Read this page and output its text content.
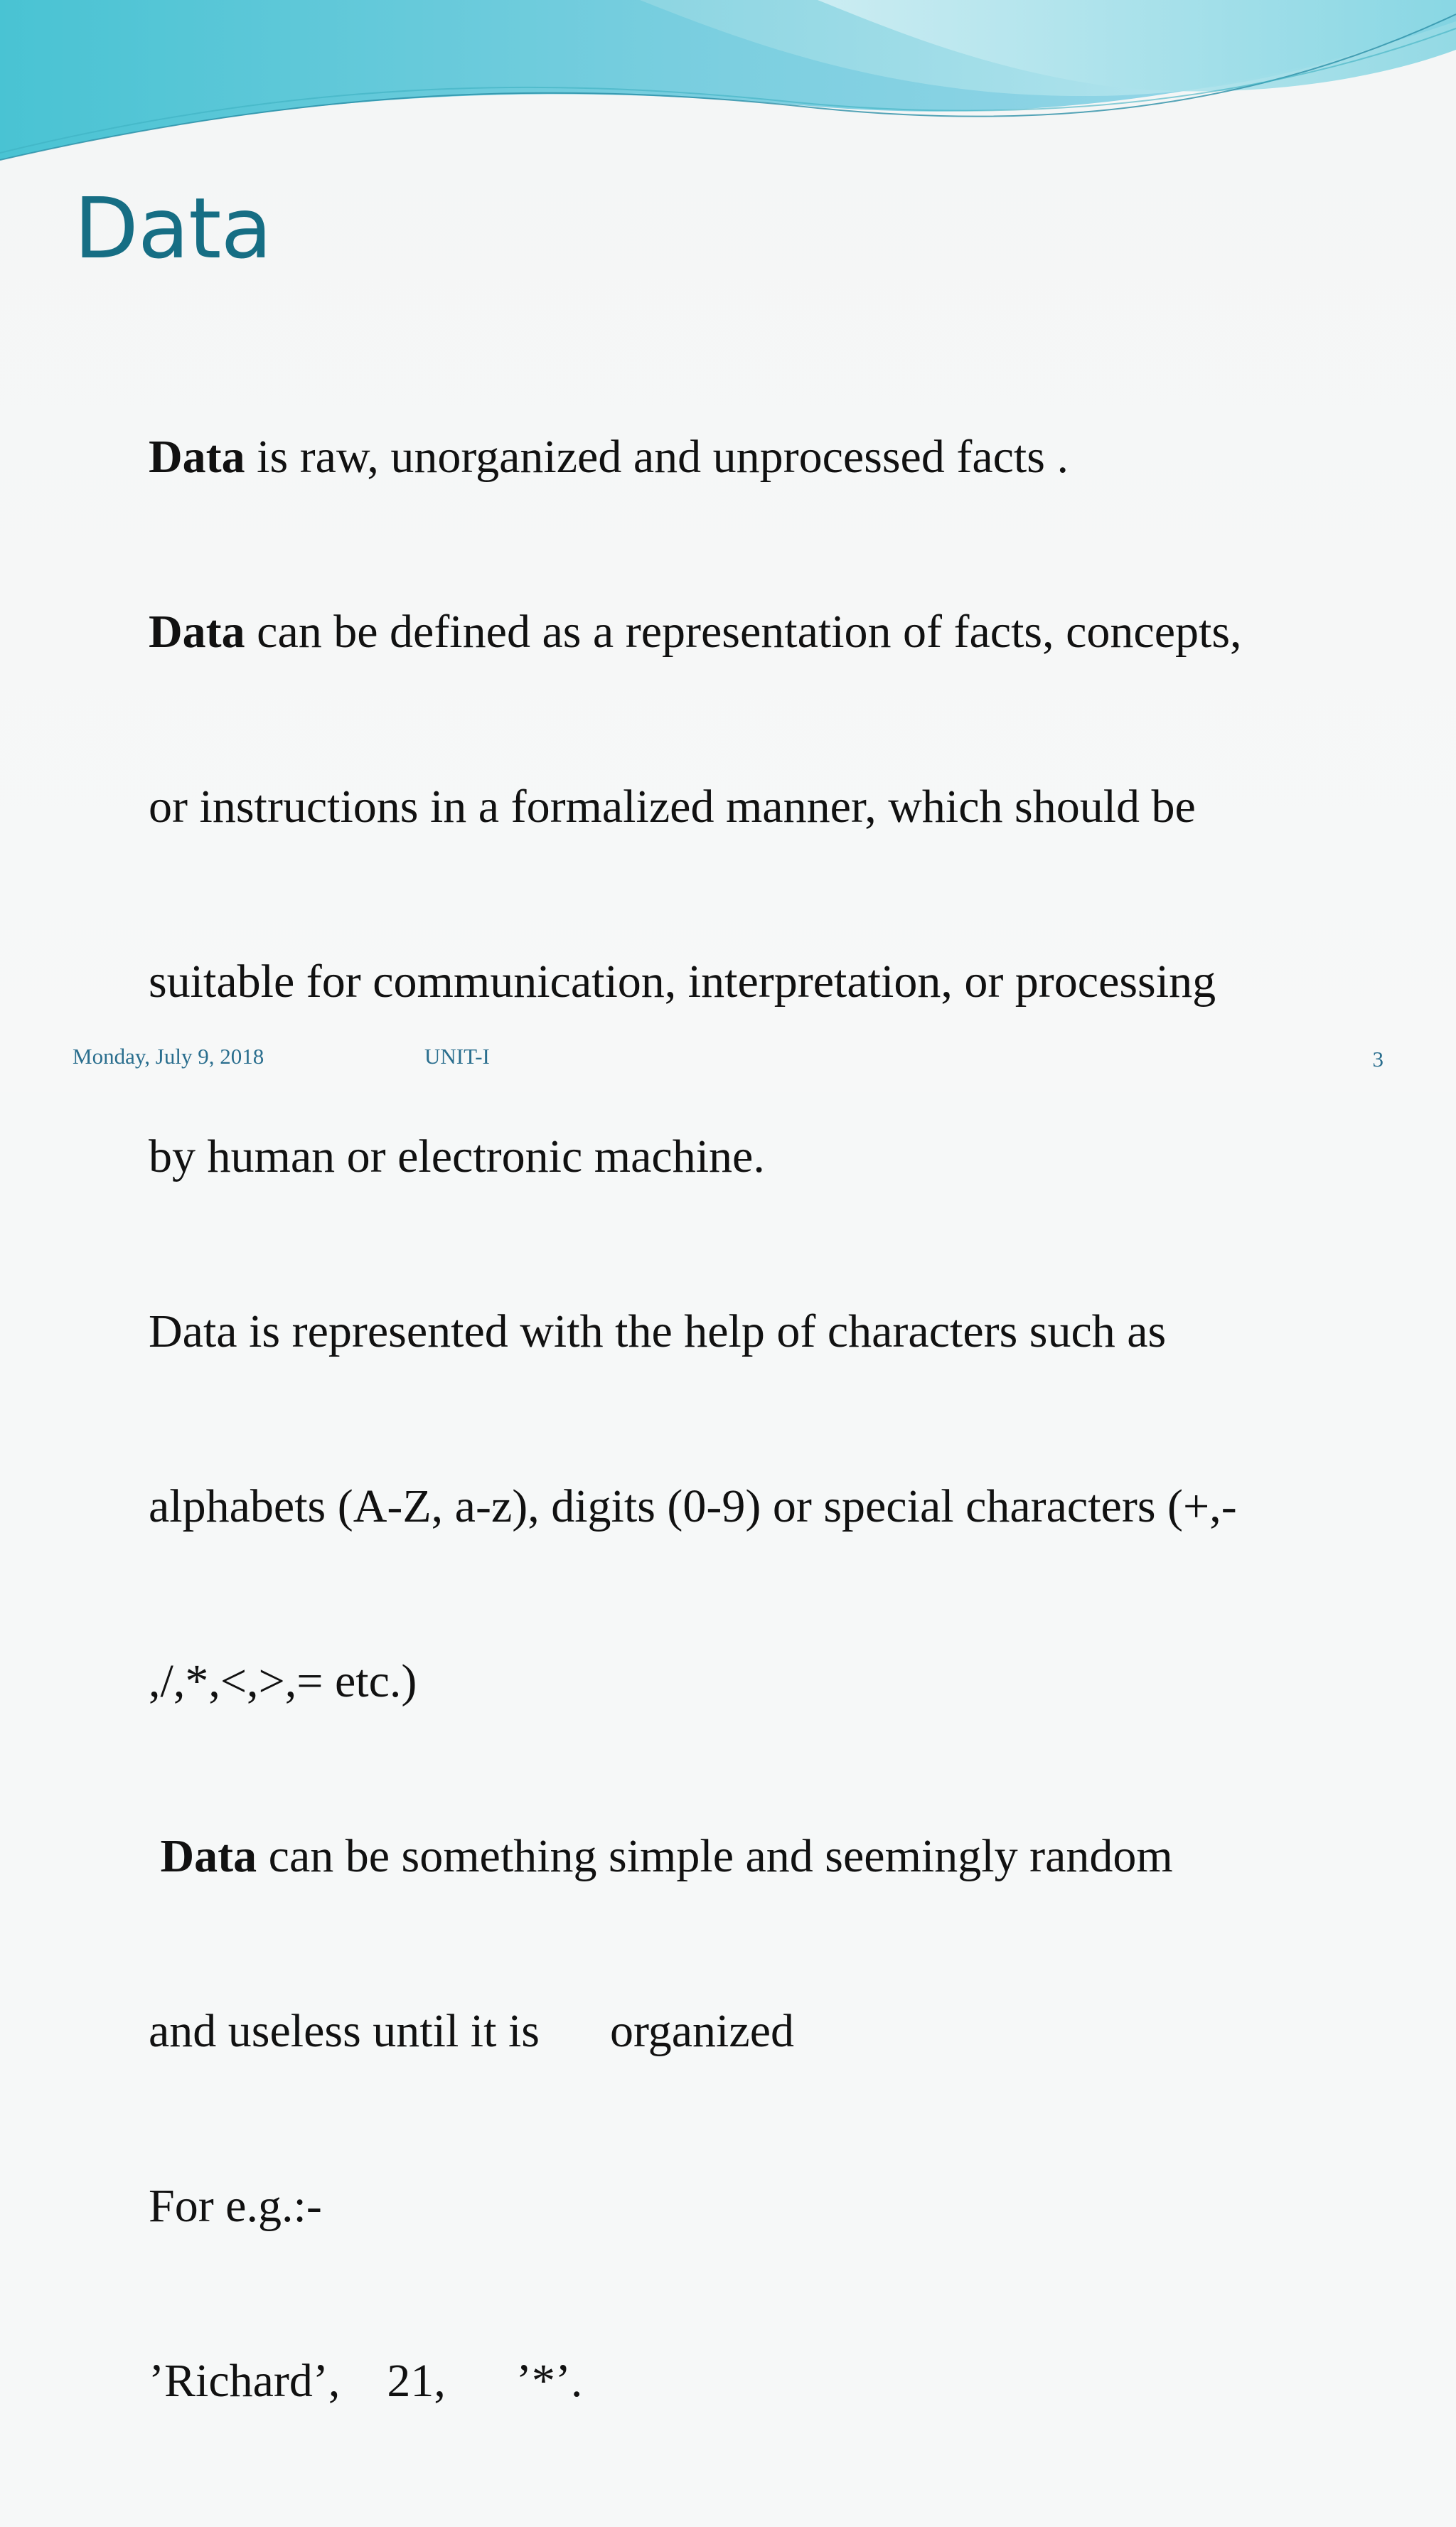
Data

Data is raw, unorganized and unprocessed facts .

Data can be defined as a representation of facts, concepts,

or instructions in a formalized manner, which should be

suitable for communication, interpretation, or processing

by human or electronic machine.

Data is represented with the help of characters such as

alphabets (A-Z, a-z), digits (0-9) or special characters (+,-

,/,*,<,>,= etc.)

Data can be something simple and seemingly random

and useless until it is      organized

For e.g.:-

’Richard’,    21,      ’*’.

Monday, July 9, 2018	UNIT-I	3
